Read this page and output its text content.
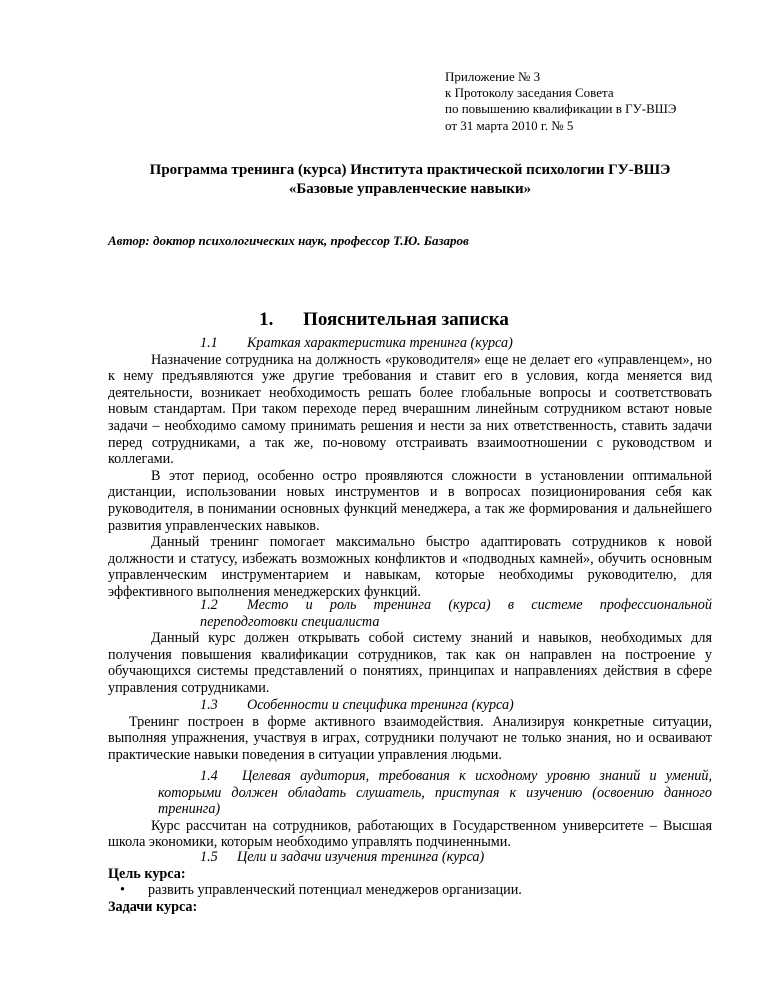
Приложение № 3
к Протоколу заседания Совета
по повышению квалификации в ГУ-ВШЭ
от 31 марта 2010 г. № 5
Программа тренинга (курса) Института практической психологии ГУ-ВШЭ
«Базовые управленческие навыки»
Автор: доктор психологических наук, профессор Т.Ю. Базаров
1. Пояснительная записка

1.1 Краткая характеристика тренинга (курса)

Назначение сотрудника на должность «руководителя» еще не делает его «управленцем», но к нему предъявляются уже другие требования и ставит его в условия, когда меняется вид деятельности, возникает необходимость решать более глобальные вопросы и соответствовать новым стандартам. При таком переходе перед вчерашним линейным сотрудником встают новые задачи – необходимо самому принимать решения и нести за них ответственность, ставить задачи перед сотрудниками, а так же, по-новому отстраивать взаимоотношении с руководством и коллегами.

В этот период, особенно остро проявляются сложности в установлении оптимальной дистанции, использовании новых инструментов и в вопросах позиционирования себя как руководителя, в понимании основных функций менеджера, а так же формирования и дальнейшего развития управленческих навыков.

Данный тренинг помогает максимально быстро адаптировать сотрудников к новой должности и статусу, избежать возможных конфликтов и «подводных камней», обучить основным управленческим инструментарием и навыкам, которые необходимы руководителю, для эффективного выполнения менеджерских функций.

1.2 Место и роль тренинга (курса) в системе профессиональной переподготовки специалиста

Данный курс должен открывать собой систему знаний и навыков, необходимых для получения повышения квалификации сотрудников, так как он направлен на построение у обучающихся системы представлений о понятиях, принципах и направлениях действия в сфере управления сотрудниками.

1.3 Особенности и специфика тренинга (курса)

Тренинг построен в форме активного взаимодействия. Анализируя конкретные ситуации, выполняя упражнения, участвуя в играх, сотрудники получают не только знания, но и осваивают практические навыки поведения в ситуации управления людьми.

1.4 Целевая аудитория, требования к исходному уровню знаний и умений, которыми должен обладать слушатель, приступая к изучению (освоению данного тренинга)

Курс рассчитан на сотрудников, работающих в Государственном университете – Высшая школа экономики, которым необходимо управлять подчиненными.

1.5 Цели и задачи изучения тренинга (курса)

Цель курса:

• развить управленческий потенциал менеджеров организации.

Задачи курса:
